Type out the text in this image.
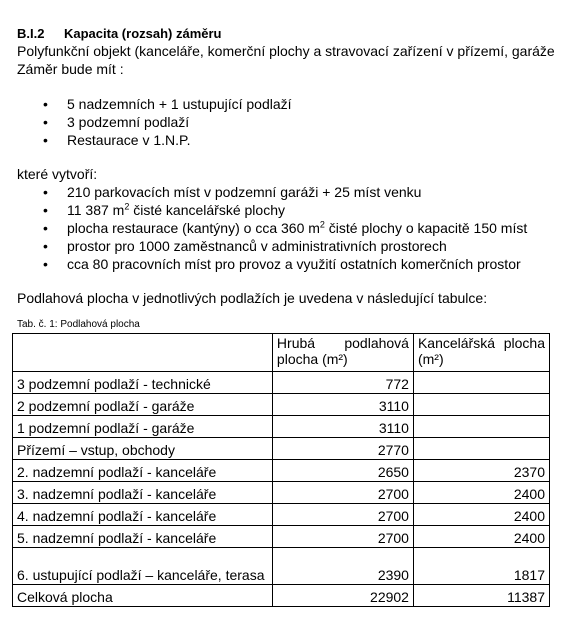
B.I.2 Kapacita (rozsah) záměru
Polyfunkční objekt (kanceláře, komerční plochy a stravovací zařízení v přízemí, garáže
Záměr bude mít :
• 5 nadzemních + 1 ustupující podlaží
• 3 podzemní podlaží
• Restaurace v 1.N.P.
které vytvoří:
• 210 parkovacích míst v podzemní garáži + 25 míst venku
• 11 387 $m^2$ čisté kancelářské plochy
• plocha restaurace (kantýny) o cca 360 $m^2$ čisté plochy o kapacitě 150 míst
• prostor pro 1000 zaměstnanců v administrativních prostorech
• cca 80 pracovních míst pro provoz a využití ostatních komerčních prostor
Podlahová plocha v jednotlivých podlažích je uvedena v následující tabulce:
Tab. č. 1: Podlahová plocha
	Hrubá podlahová plocha (m²)	Kancelářská plocha (m²)
3 podzemní podlaží - technické	772	
2 podzemní podlaží - garáže	3110	
1 podzemní podlaží - garáže	3110	
Přízemí – vstup, obchody	2770	
2. nadzemní podlaží - kanceláře	2650	2370
3. nadzemní podlaží - kanceláře	2700	2400
4. nadzemní podlaží - kanceláře	2700	2400
5. nadzemní podlaží - kanceláře	2700	2400
6. ustupující podlaží – kanceláře, terasa	2390	1817
Celková plocha	22902	11387
